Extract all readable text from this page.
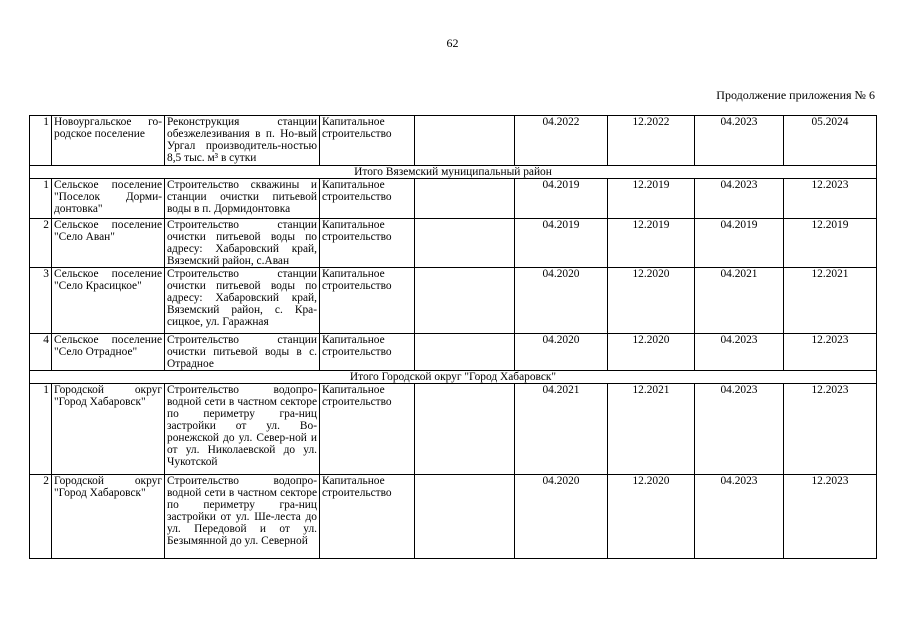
62
Продолжение приложения № 6
1	Новоургальское го-родское поселение	Реконструкция станции обезжелезивания в п. Но-вый Ургал производитель-ностью 8,5 тыс. м³ в сутки	Капитальное строительство		04.2022	12.2022	04.2023	05.2024
Итого Вяземский муниципальный район								
1	Сельское поселение "Поселок Дорми-донтовка"	Строительство скважины и станции очистки питьевой воды в п. Дормидонтовка	Капитальное строительство		04.2019	12.2019	04.2023	12.2023
2	Сельское поселение "Село Аван"	Строительство станции очистки питьевой воды по адресу: Хабаровский край, Вяземский район, с.Аван	Капитальное строительство		04.2019	12.2019	04.2019	12.2019
3	Сельское поселение "Село Красицкое"	Строительство станции очистки питьевой воды по адресу: Хабаровский край, Вяземский район, с. Кра-сицкое, ул. Гаражная	Капитальное строительство		04.2020	12.2020	04.2021	12.2021
4	Сельское поселение "Село Отрадное"	Строительство станции очистки питьевой воды в с. Отрадное	Капитальное строительство		04.2020	12.2020	04.2023	12.2023
Итого Городской округ "Город Хабаровск"								
1	Городской округ "Город Хабаровск"	Строительство водопро-водной сети в частном секторе по периметру гра-ниц застройки от ул. Во-ронежской до ул. Север-ной и от ул. Николаевской до ул. Чукотской	Капитальное строительство		04.2021	12.2021	04.2023	12.2023
2	Городской округ "Город Хабаровск"	Строительство водопро-водной сети в частном секторе по периметру гра-ниц застройки от ул. Ше-леста до ул. Передовой и от ул. Безымянной до ул. Северной	Капитальное строительство		04.2020	12.2020	04.2023	12.2023
